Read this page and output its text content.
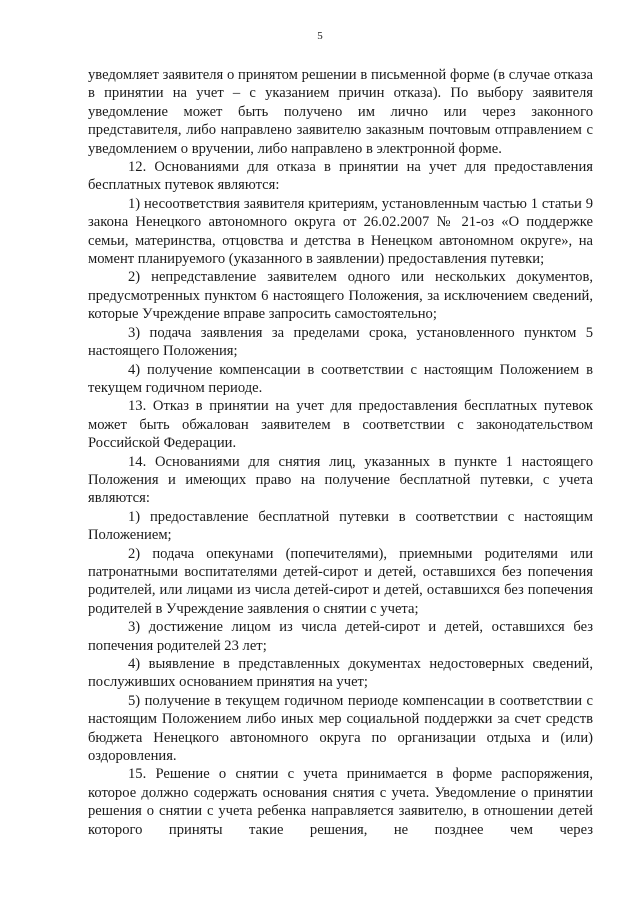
5

уведомляет заявителя о принятом решении в письменной форме (в случае отказа в принятии на учет – с указанием причин отказа). По выбору заявителя уведомление может быть получено им лично или через законного представителя, либо направлено заявителю заказным почтовым отправлением с уведомлением о вручении, либо направлено в электронной форме.

12. Основаниями для отказа в принятии на учет для предоставления бесплатных путевок являются:

1) несоответствия заявителя критериям, установленным частью 1 статьи 9 закона Ненецкого автономного округа от 26.02.2007 № 21-оз «О поддержке семьи, материнства, отцовства и детства в Ненецком автономном округе», на момент планируемого (указанного в заявлении) предоставления путевки;

2) непредставление заявителем одного или нескольких документов, предусмотренных пунктом 6 настоящего Положения, за исключением сведений, которые Учреждение вправе запросить самостоятельно;

3) подача заявления за пределами срока, установленного пунктом 5 настоящего Положения;

4) получение компенсации в соответствии с настоящим Положением в текущем годичном периоде.

13. Отказ в принятии на учет для предоставления бесплатных путевок может быть обжалован заявителем в соответствии с законодательством Российской Федерации.

14. Основаниями для снятия лиц, указанных в пункте 1 настоящего Положения и имеющих право на получение бесплатной путевки, с учета являются:

1) предоставление бесплатной путевки в соответствии с настоящим Положением;

2) подача опекунами (попечителями), приемными родителями или патронатными воспитателями детей-сирот и детей, оставшихся без попечения родителей, или лицами из числа детей-сирот и детей, оставшихся без попечения родителей в Учреждение заявления о снятии с учета;

3) достижение лицом из числа детей-сирот и детей, оставшихся без попечения родителей 23 лет;

4) выявление в представленных документах недостоверных сведений, послуживших основанием принятия на учет;

5) получение в текущем годичном периоде компенсации в соответствии с настоящим Положением либо иных мер социальной поддержки за счет средств бюджета Ненецкого автономного округа по организации отдыха и (или) оздоровления.

15. Решение о снятии с учета принимается в форме распоряжения, которое должно содержать основания снятия с учета. Уведомление о принятии решения о снятии с учета ребенка направляется заявителю, в отношении детей которого приняты такие решения, не позднее чем через
